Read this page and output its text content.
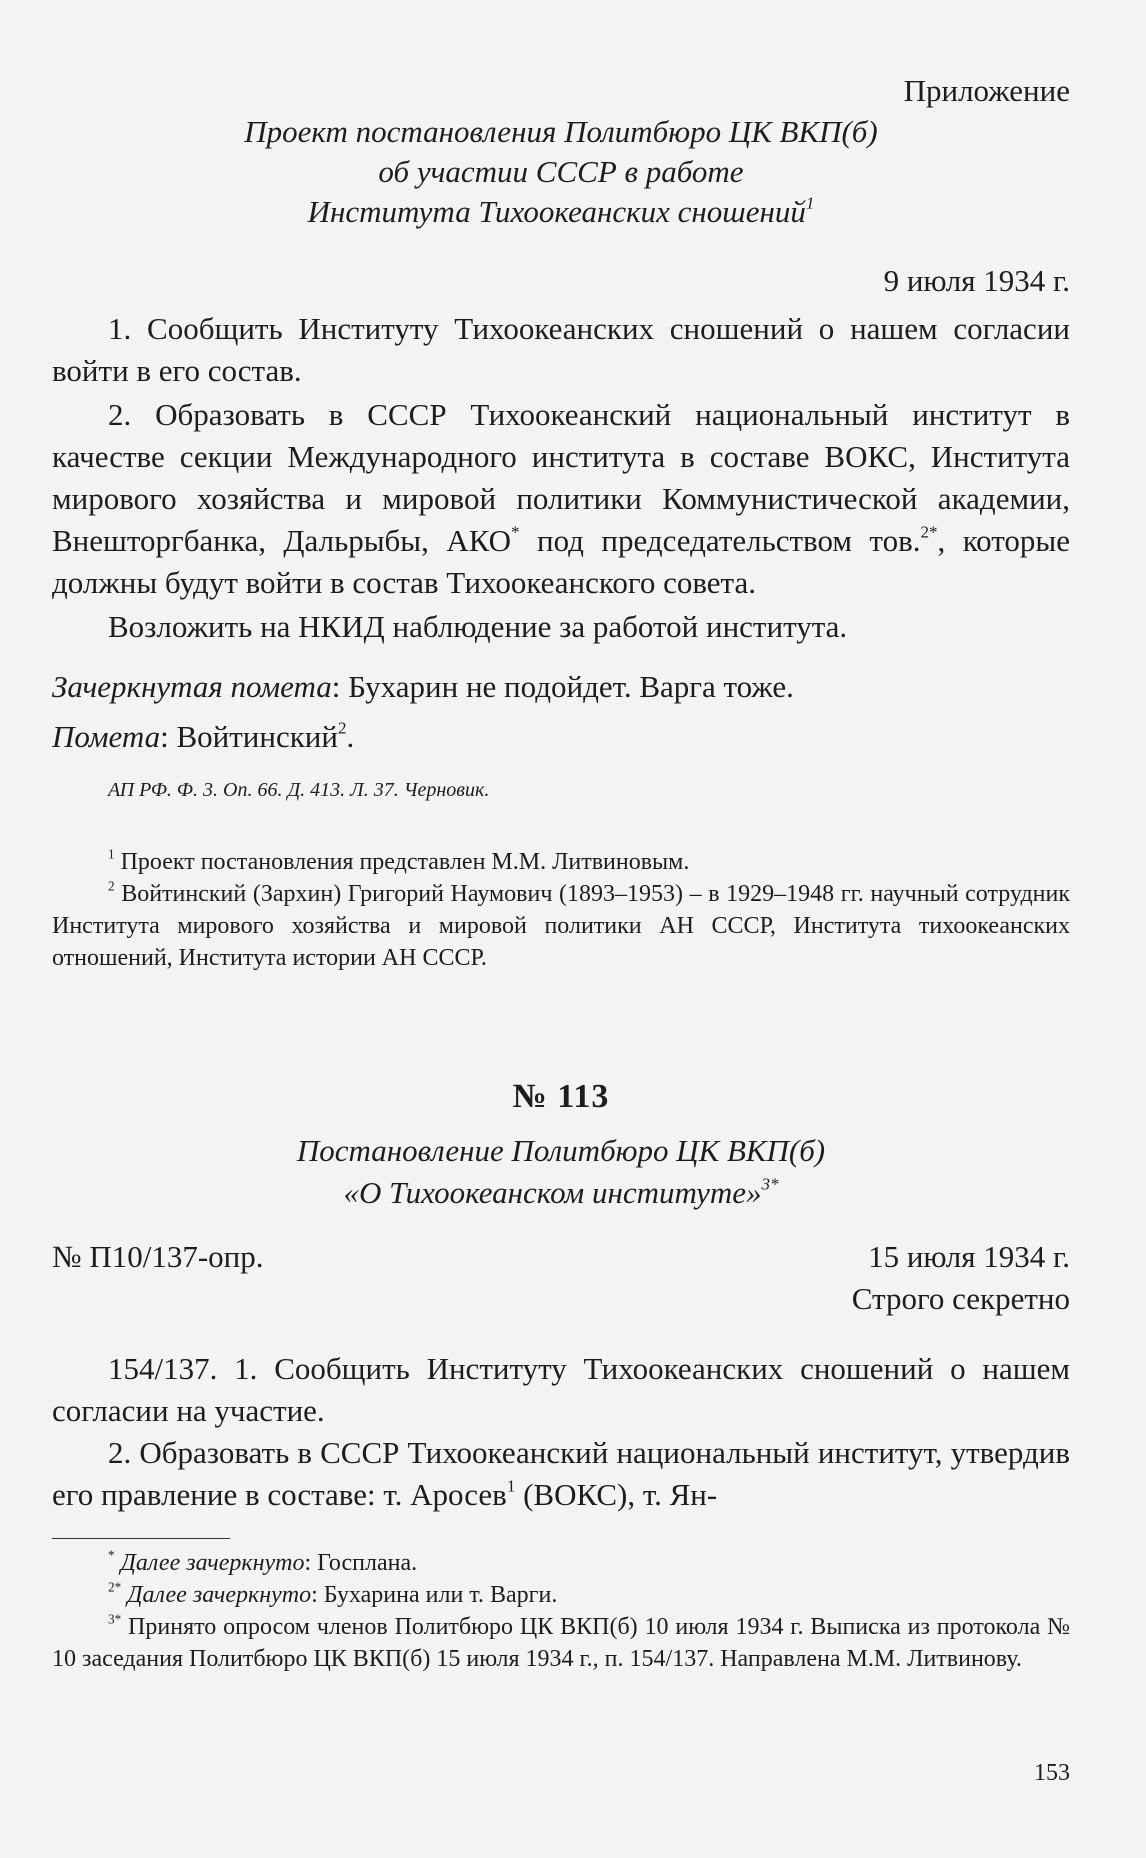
Приложение

Проект постановления Политбюро ЦК ВКП(б)
об участии СССР в работе
Института Тихоокеанских сношений$^1$

9 июля 1934 г.

1. Сообщить Институту Тихоокеанских сношений о нашем согласии войти в его состав.

2. Образовать в СССР Тихоокеанский национальный институт в качестве секции Международного института в составе ВОКС, Института мирового хозяйства и мировой политики Коммунистической академии, Внешторгбанка, Дальрыбы, АКО* под председательством тов.$^{2*}$, которые должны будут войти в состав Тихоокеанского совета.

Возложить на НКИД наблюдение за работой института.

Зачеркнутая помета: Бухарин не подойдет. Варга тоже.

Помета: Войтинский$^2$.

АП РФ. Ф. 3. Оп. 66. Д. 413. Л. 37. Черновик.

$^1$ Проект постановления представлен М.М. Литвиновым.

$^2$ Войтинский (Зархин) Григорий Наумович (1893–1953) – в 1929–1948 гг. научный сотрудник Института мирового хозяйства и мировой политики АН СССР, Института тихоокеанских отношений, Института истории АН СССР.

№ 113
Постановление Политбюро ЦК ВКП(б)
«О Тихоокеанском институте»$^{3*}$
№ П10/137-опр.	15 июля 1934 г.
Строго секретно

154/137. 1. Сообщить Институту Тихоокеанских сношений о нашем согласии на участие.

2. Образовать в СССР Тихоокеанский национальный институт, утвердив его правление в составе: т. Аросев$^1$ (ВОКС), т. Ян-

* Далее зачеркнуто: Госплана.

$^{2*}$ Далее зачеркнуто: Бухарина или т. Варги.

$^{3*}$ Принято опросом членов Политбюро ЦК ВКП(б) 10 июля 1934 г. Выписка из протокола № 10 заседания Политбюро ЦК ВКП(б) 15 июля 1934 г., п. 154/137. Направлена М.М. Литвинову.

153
